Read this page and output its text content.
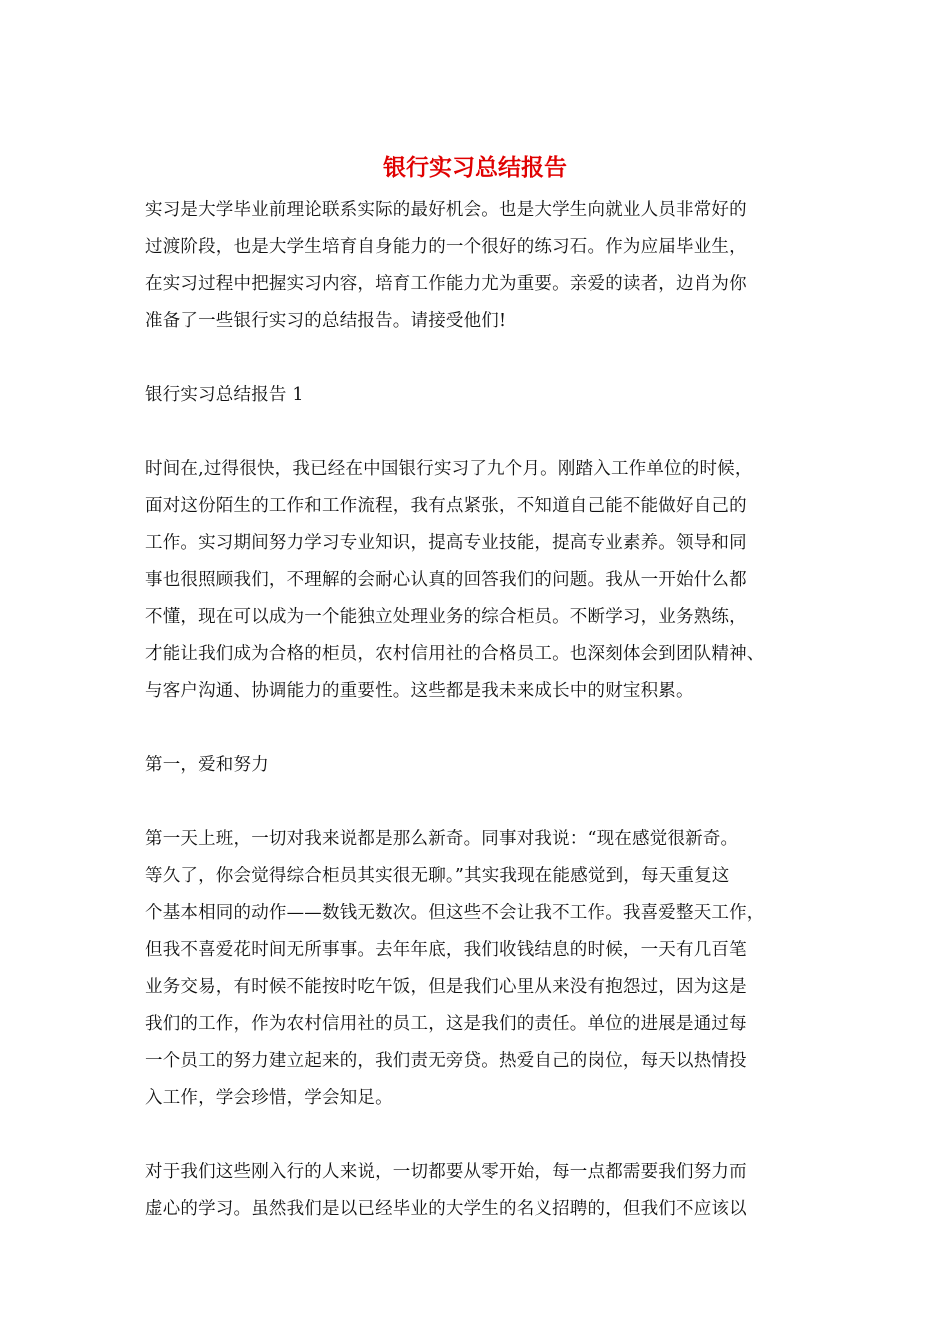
银行实习总结报告

实习是大学毕业前理论联系实际的最好机会。也是大学生向就业人员非常好的
过渡阶段，也是大学生培育自身能力的一个很好的练习石。作为应届毕业生，
在实习过程中把握实习内容，培育工作能力尤为重要。亲爱的读者，边肖为你
准备了一些银行实习的总结报告。请接受他们!

银行实习总结报告 1

时间在,过得很快，我已经在中国银行实习了九个月。刚踏入工作单位的时候，
面对这份陌生的工作和工作流程，我有点紧张，不知道自己能不能做好自己的
工作。实习期间努力学习专业知识，提高专业技能，提高专业素养。领导和同
事也很照顾我们，不理解的会耐心认真的回答我们的问题。我从一开始什么都
不懂，现在可以成为一个能独立处理业务的综合柜员。不断学习，业务熟练，
才能让我们成为合格的柜员，农村信用社的合格员工。也深刻体会到团队精神、
与客户沟通、协调能力的重要性。这些都是我未来成长中的财宝积累。

第一，爱和努力

第一天上班，一切对我来说都是那么新奇。同事对我说：“现在感觉很新奇。
等久了，你会觉得综合柜员其实很无聊。”其实我现在能感觉到，每天重复这
个基本相同的动作——数钱无数次。但这些不会让我不工作。我喜爱整天工作，
但我不喜爱花时间无所事事。去年年底，我们收钱结息的时候，一天有几百笔
业务交易，有时候不能按时吃午饭，但是我们心里从来没有抱怨过，因为这是
我们的工作，作为农村信用社的员工，这是我们的责任。单位的进展是通过每
一个员工的努力建立起来的，我们责无旁贷。热爱自己的岗位，每天以热情投
入工作，学会珍惜，学会知足。

对于我们这些刚入行的人来说，一切都要从零开始，每一点都需要我们努力而
虚心的学习。虽然我们是以已经毕业的大学生的名义招聘的，但我们不应该以
